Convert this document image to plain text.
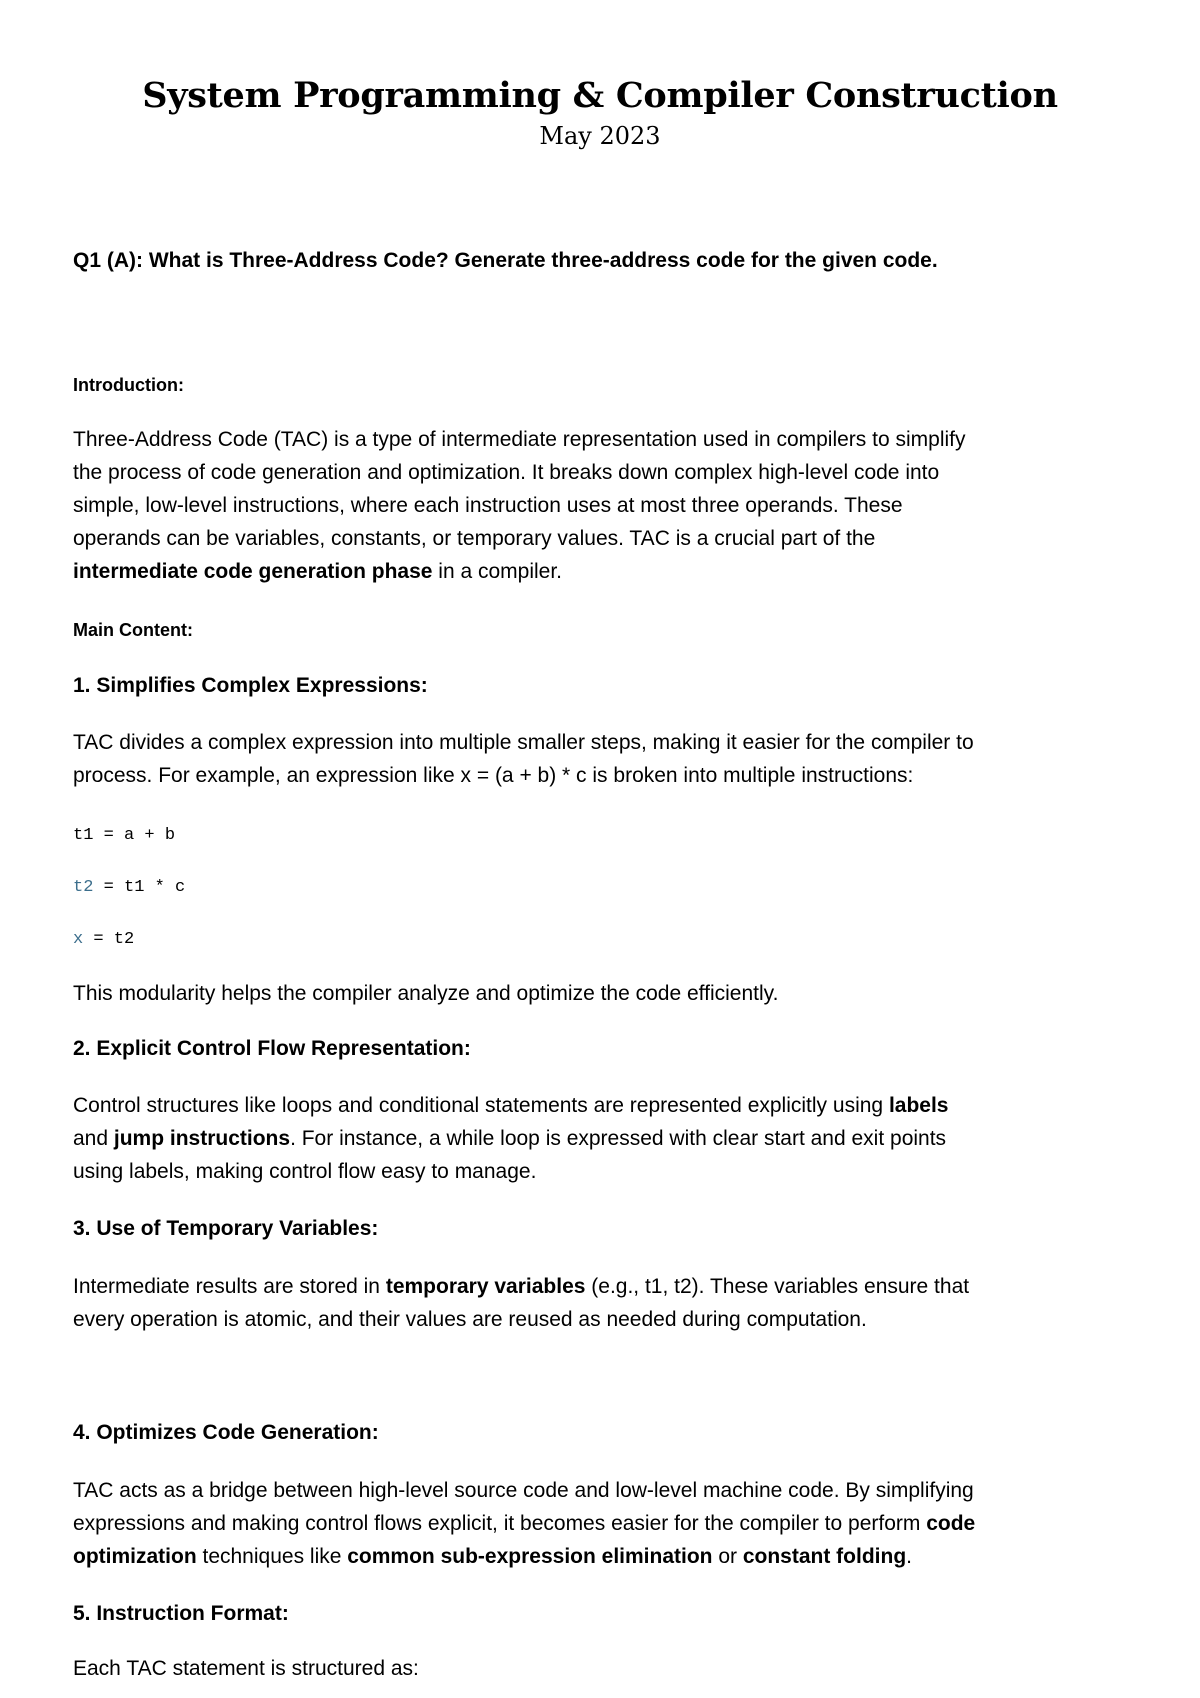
System Programming & Compiler Construction
May 2023
Q1 (A): What is Three-Address Code? Generate three-address code for the given code.
Introduction:
Three-Address Code (TAC) is a type of intermediate representation used in compilers to simplify
the process of code generation and optimization. It breaks down complex high-level code into
simple, low-level instructions, where each instruction uses at most three operands. These
operands can be variables, constants, or temporary values. TAC is a crucial part of the
intermediate code generation phase in a compiler.
Main Content:
1. Simplifies Complex Expressions:
TAC divides a complex expression into multiple smaller steps, making it easier for the compiler to
process. For example, an expression like x = (a + b) * c is broken into multiple instructions:
t1 = a + b
t2 = t1 * c
x = t2
This modularity helps the compiler analyze and optimize the code efficiently.
2. Explicit Control Flow Representation:
Control structures like loops and conditional statements are represented explicitly using labels
and jump instructions. For instance, a while loop is expressed with clear start and exit points
using labels, making control flow easy to manage.
3. Use of Temporary Variables:
Intermediate results are stored in temporary variables (e.g., t1, t2). These variables ensure that
every operation is atomic, and their values are reused as needed during computation.
4. Optimizes Code Generation:
TAC acts as a bridge between high-level source code and low-level machine code. By simplifying
expressions and making control flows explicit, it becomes easier for the compiler to perform code
optimization techniques like common sub-expression elimination or constant folding.
5. Instruction Format:
Each TAC statement is structured as:
